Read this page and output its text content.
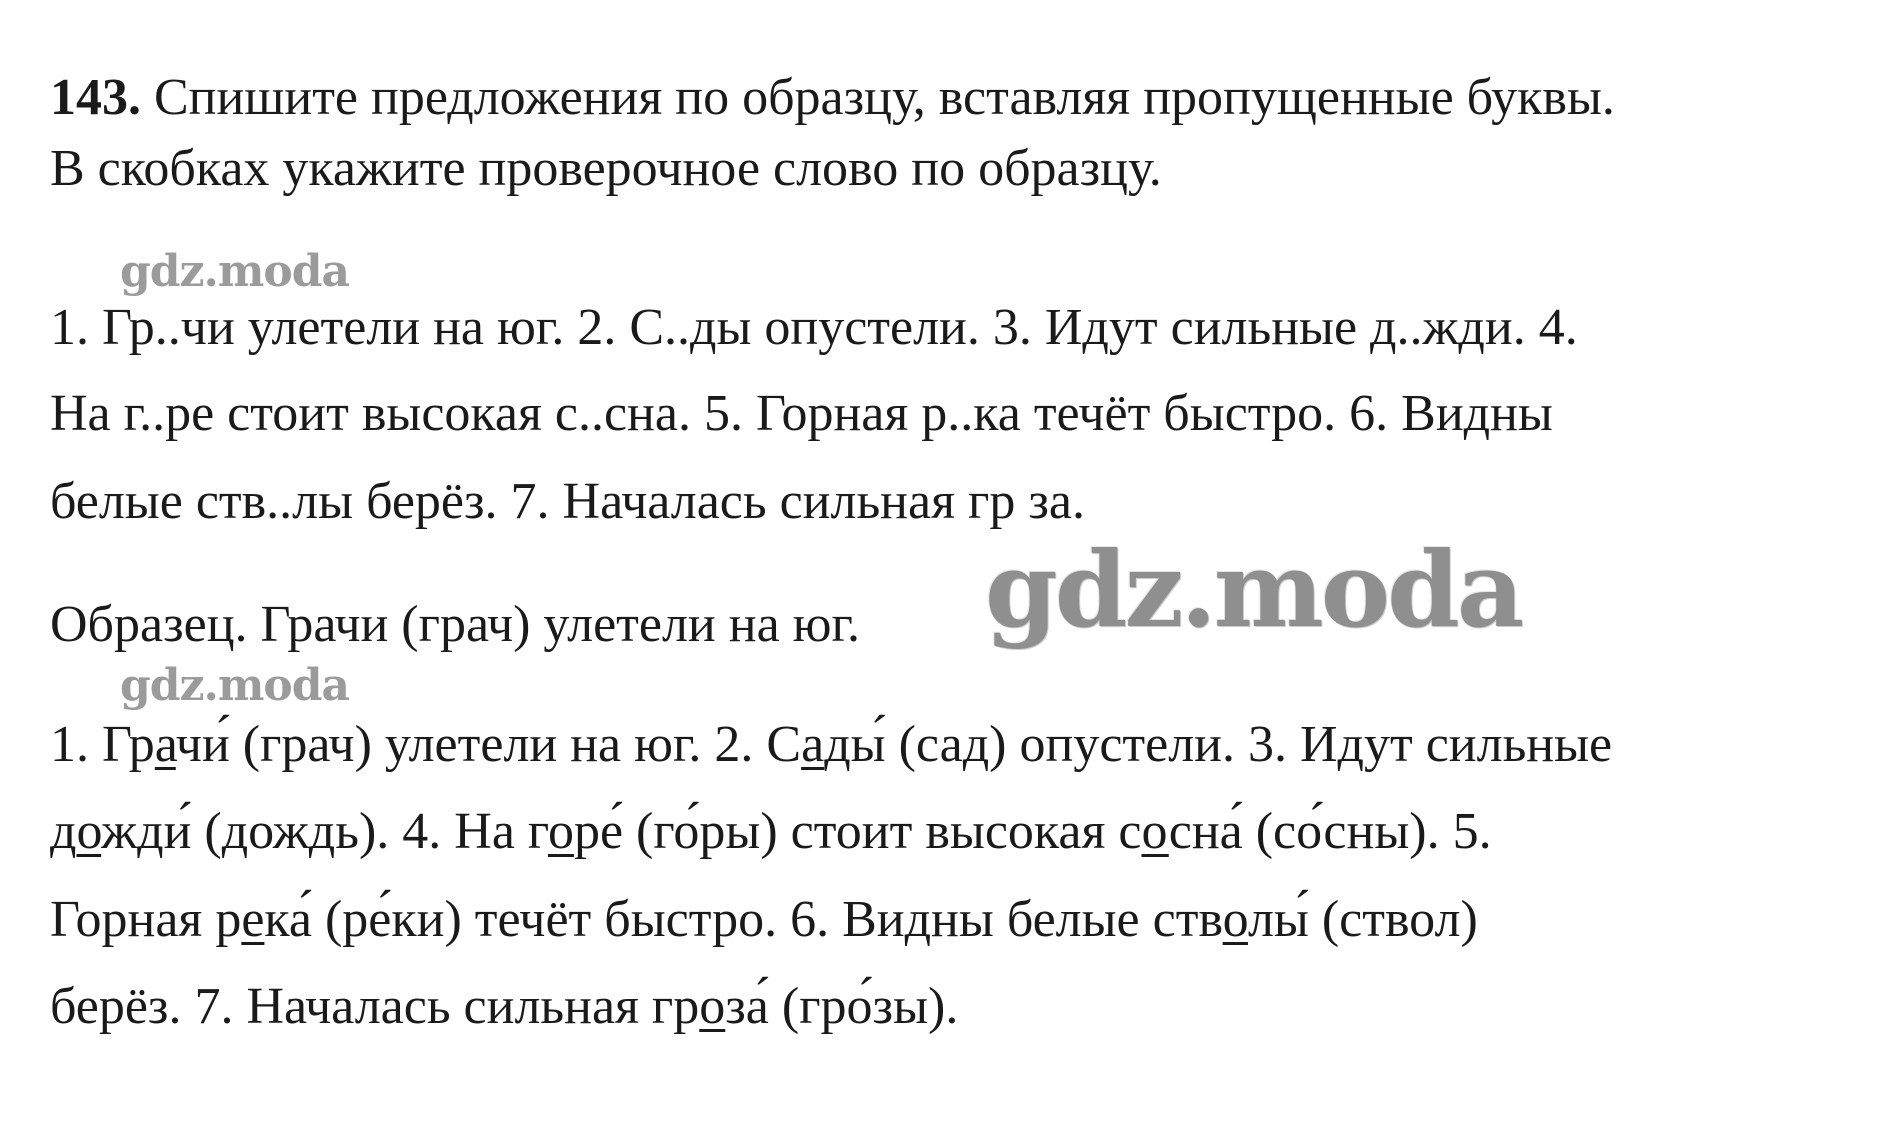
143. Спишите предложения по образцу, вставляя пропущенные буквы.
В скобках укажите проверочное слово по образцу.
gdz.moda
1. Гр..чи улетели на юг. 2. С..ды опустели. 3. Идут сильные д..жди. 4.
На г..ре стоит высокая с..сна. 5. Горная р..ка течёт быстро. 6. Видны
белые ств..лы берёз. 7. Началась сильная гр за.
Образец. Грачи (грач) улетели на юг. gdz.moda
gdz.moda
1. Грачи́ (грач) улетели на юг. 2. Сады́ (сад) опустели. 3. Идут сильные
дожди́ (дождь). 4. На горе́ (го́ры) стоит высокая сосна́ (со́сны). 5.
Горная река́ (ре́ки) течёт быстро. 6. Видны белые стволы́ (ствол)
берёз. 7. Началась сильная гроза́ (гро́зы).
